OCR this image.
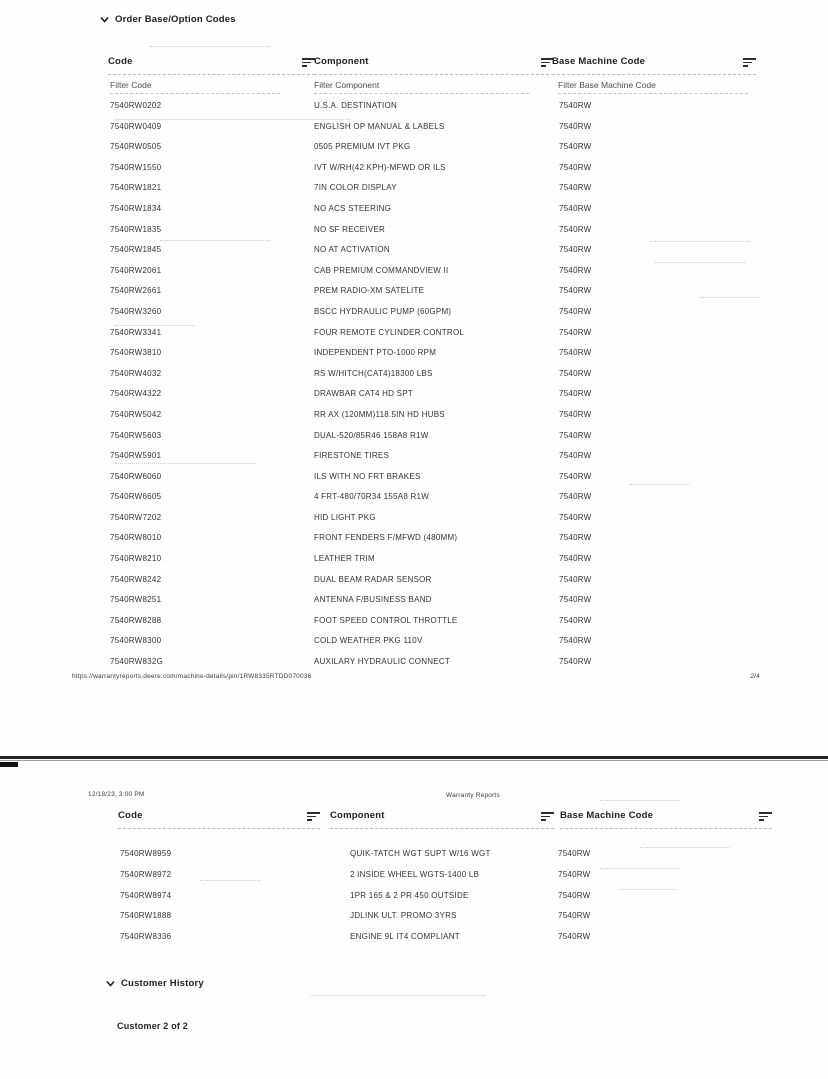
Order Base/Option Codes
Code	Component	Base Machine Code
Filter Code
Filter Component
Filter Base Machine Code
7540RW0202	U.S.A. DESTINATION	7540RW
7540RW0409	ENGLISH OP MANUAL & LABELS	7540RW
7540RW0505	0505 PREMIUM IVT PKG	7540RW
7540RW1550	IVT W/RH(42 KPH)-MFWD OR ILS	7540RW
7540RW1821	7IN COLOR DISPLAY	7540RW
7540RW1834	NO ACS STEERING	7540RW
7540RW1835	NO SF RECEIVER	7540RW
7540RW1845	NO AT ACTIVATION	7540RW
7540RW2061	CAB PREMIUM COMMANDVIEW II	7540RW
7540RW2661	PREM RADIO-XM SATELITE	7540RW
7540RW3260	BSCC HYDRAULIC PUMP (60GPM)	7540RW
7540RW3341	FOUR REMOTE CYLINDER CONTROL	7540RW
7540RW3810	INDEPENDENT PTO-1000 RPM	7540RW
7540RW4032	RS W/HITCH(CAT4)18300 LBS	7540RW
7540RW4322	DRAWBAR CAT4 HD SPT	7540RW
7540RW5042	RR AX (120MM)118.5IN HD HUBS	7540RW
7540RW5603	DUAL-520/85R46 158A8 R1W	7540RW
7540RW5901	FIRESTONE TIRES	7540RW
7540RW6060	ILS WITH NO FRT BRAKES	7540RW
7540RW6605	4 FRT-480/70R34 155A8 R1W	7540RW
7540RW7202	HID LIGHT PKG	7540RW
7540RW8010	FRONT FENDERS F/MFWD (480MM)	7540RW
7540RW8210	LEATHER TRIM	7540RW
7540RW8242	DUAL BEAM RADAR SENSOR	7540RW
7540RW8251	ANTENNA F/BUSINESS BAND	7540RW
7540RW8288	FOOT SPEED CONTROL THROTTLE	7540RW
7540RW8300	COLD WEATHER PKG 110V	7540RW
7540RW832G	AUXILARY HYDRAULIC CONNECT	7540RW
https://warrantyreports.deere.com/machine-details/pin/1RW8335RTDD070036	2/4
12/18/23, 3:00 PM	Warranty Reports
Code	Component	Base Machine Code
7540RW8959	QUIK-TATCH WGT SUPT W/16 WGT	7540RW
7540RW8972	2 INSIDE WHEEL WGTS-1400 LB	7540RW
7540RW8974	1PR 165 & 2 PR 450 OUTSIDE	7540RW
7540RW1888	JDLINK ULT. PROMO 3YRS	7540RW
7540RW8336	ENGINE 9L IT4 COMPLIANT	7540RW
Customer History
Customer 2 of 2
